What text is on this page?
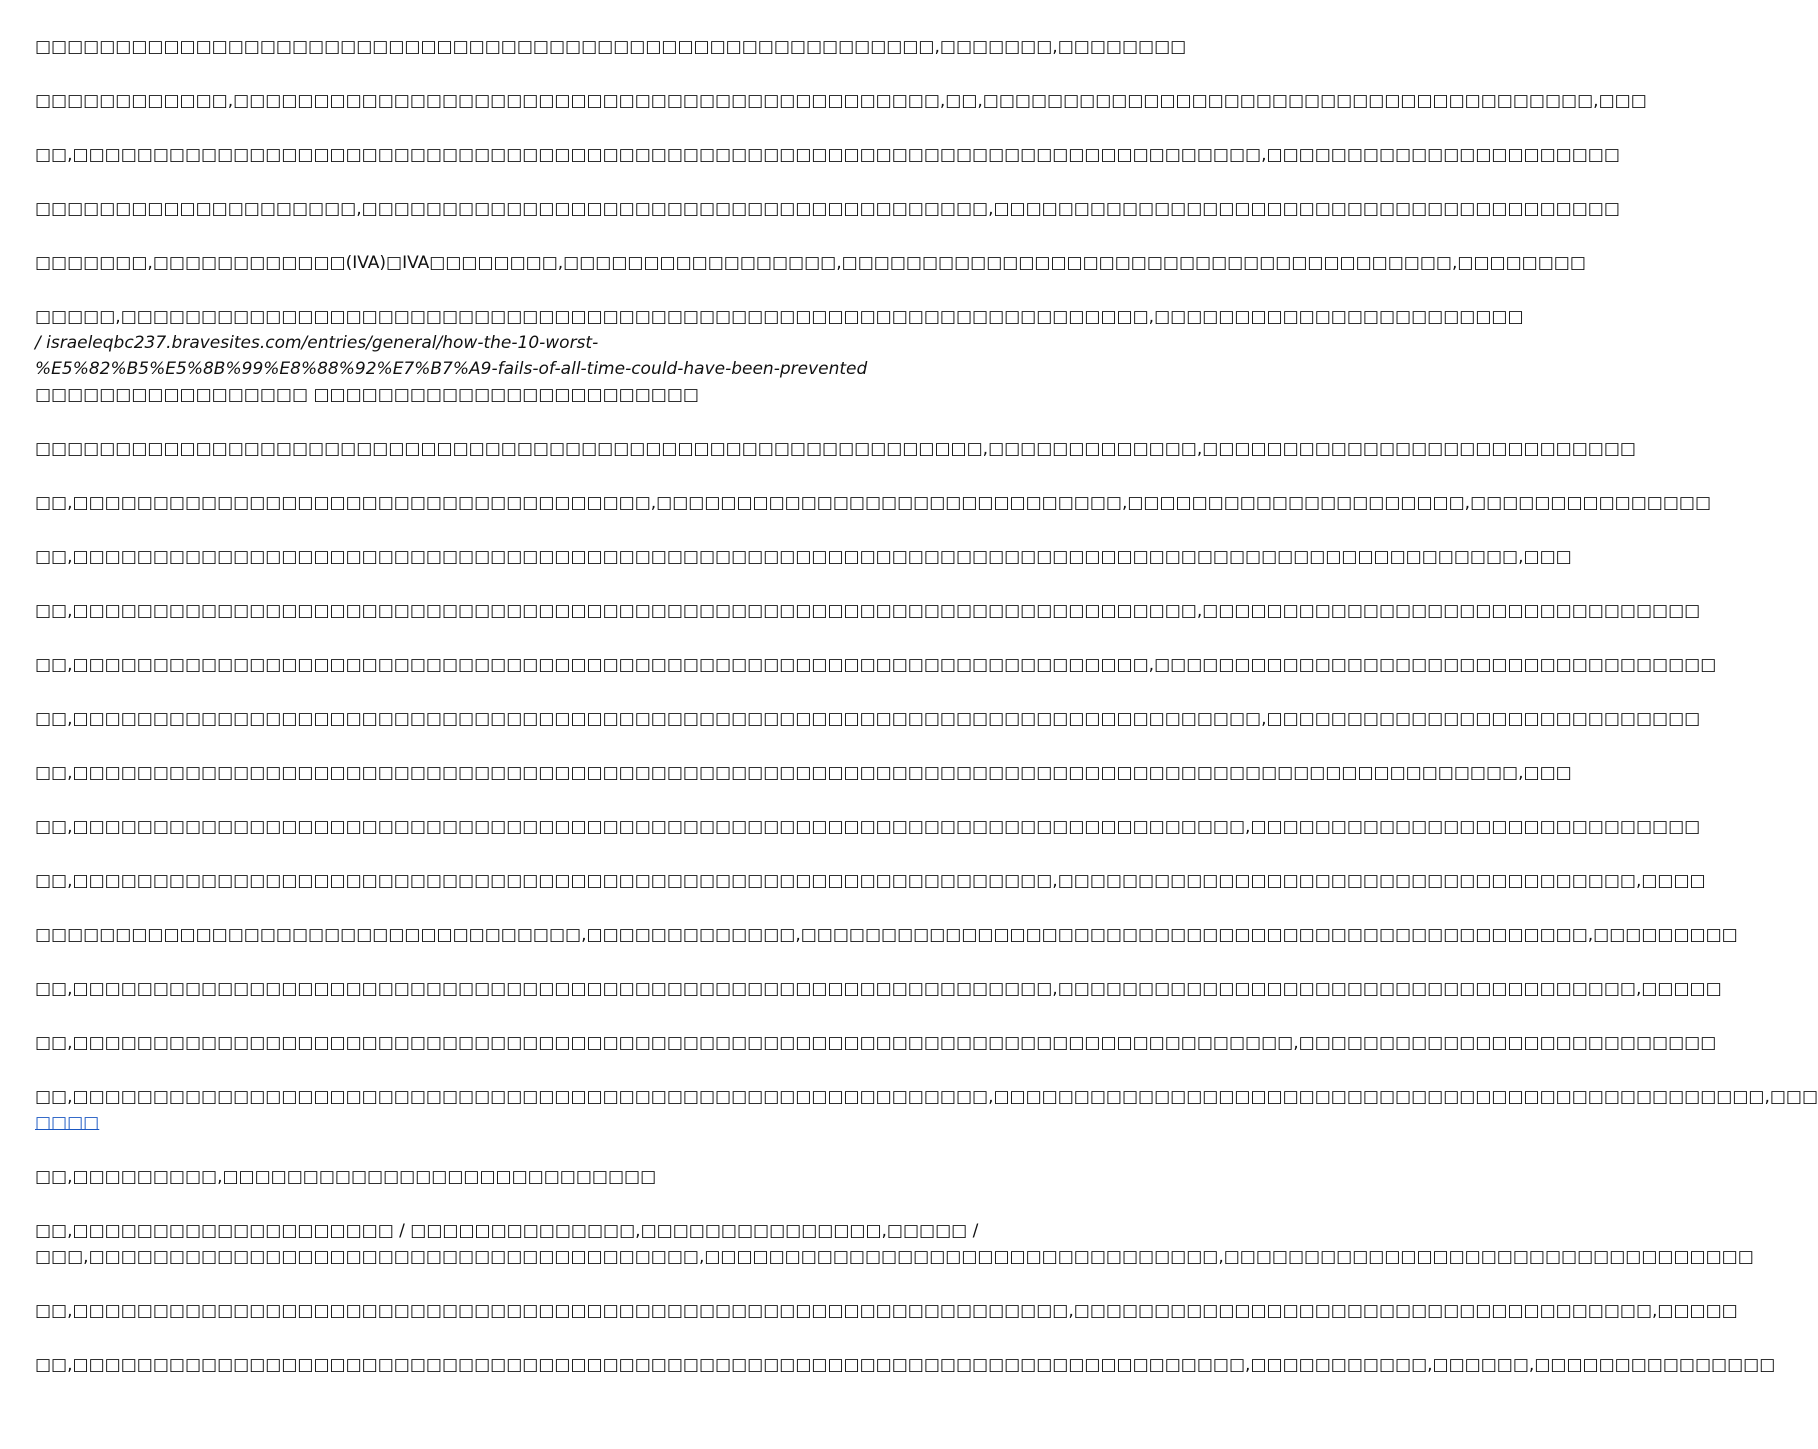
□□□□□□□□□□□□□□□□□□□□□□□□□□□□□□□□□□□□□□□□□□□□□□□□□□□□□□□□,□□□□□□□,□□□□□□□□

□□□□□□□□□□□□,□□□□□□□□□□□□□□□□□□□□□□□□□□□□□□□□□□□□□□□□□□□□,□□,□□□□□□□□□□□□□□□□□□□□□□□□□□□□□□□□□□□□□□,□□□

□□,□□□□□□□□□□□□□□□□□□□□□□□□□□□□□□□□□□□□□□□□□□□□□□□□□□□□□□□□□□□□□□□□□□□□□□□□□□,□□□□□□□□□□□□□□□□□□□□□□

□□□□□□□□□□□□□□□□□□□□,□□□□□□□□□□□□□□□□□□□□□□□□□□□□□□□□□□□□□□□,□□□□□□□□□□□□□□□□□□□□□□□□□□□□□□□□□□□□□□□

□□□□□□□,□□□□□□□□□□□□(IVA)□IVA□□□□□□□□,□□□□□□□□□□□□□□□□□,□□□□□□□□□□□□□□□□□□□□□□□□□□□□□□□□□□□□□□,□□□□□□□□

□□□□□,□□□□□□□□□□□□□□□□□□□□□□□□□□□□□□□□□□□□□□□□□□□□□□□□□□□□□□□□□□□□□□□□,□□□□□□□□□□□□□□□□□□□□□□□
/ israeleqbc237.bravesites.com/entries/general/how-the-10-worst-
%E5%82%B5%E5%8B%99%E8%88%92%E7%B7%A9-fails-of-all-time-could-have-been-prevented
□□□□□□□□□□□□□□□□□ □□□□□□□□□□□□□□□□□□□□□□□□

□□□□□□□□□□□□□□□□□□□□□□□□□□□□□□□□□□□□□□□□□□□□□□□□□□□□□□□□□□□,□□□□□□□□□□□□□,□□□□□□□□□□□□□□□□□□□□□□□□□□□

□□,□□□□□□□□□□□□□□□□□□□□□□□□□□□□□□□□□□□□,□□□□□□□□□□□□□□□□□□□□□□□□□□□□□,□□□□□□□□□□□□□□□□□□□□□,□□□□□□□□□□□□□□□

□□,□□□□□□□□□□□□□□□□□□□□□□□□□□□□□□□□□□□□□□□□□□□□□□□□□□□□□□□□□□□□□□□□□□□□□□□□□□□□□□□□□□□□□□□□□□,□□□

□□,□□□□□□□□□□□□□□□□□□□□□□□□□□□□□□□□□□□□□□□□□□□□□□□□□□□□□□□□□□□□□□□□□□□□□□,□□□□□□□□□□□□□□□□□□□□□□□□□□□□□□□

□□,□□□□□□□□□□□□□□□□□□□□□□□□□□□□□□□□□□□□□□□□□□□□□□□□□□□□□□□□□□□□□□□□□□□,□□□□□□□□□□□□□□□□□□□□□□□□□□□□□□□□□□□

□□,□□□□□□□□□□□□□□□□□□□□□□□□□□□□□□□□□□□□□□□□□□□□□□□□□□□□□□□□□□□□□□□□□□□□□□□□□□,□□□□□□□□□□□□□□□□□□□□□□□□□□□

□□,□□□□□□□□□□□□□□□□□□□□□□□□□□□□□□□□□□□□□□□□□□□□□□□□□□□□□□□□□□□□□□□□□□□□□□□□□□□□□□□□□□□□□□□□□□,□□□

□□,□□□□□□□□□□□□□□□□□□□□□□□□□□□□□□□□□□□□□□□□□□□□□□□□□□□□□□□□□□□□□□□□□□□□□□□□□,□□□□□□□□□□□□□□□□□□□□□□□□□□□□

□□,□□□□□□□□□□□□□□□□□□□□□□□□□□□□□□□□□□□□□□□□□□□□□□□□□□□□□□□□□□□□□,□□□□□□□□□□□□□□□□□□□□□□□□□□□□□□□□□□□□,□□□□

□□□□□□□□□□□□□□□□□□□□□□□□□□□□□□□□□□,□□□□□□□□□□□□□,□□□□□□□□□□□□□□□□□□□□□□□□□□□□□□□□□□□□□□□□□□□□□□□□□,□□□□□□□□□

□□,□□□□□□□□□□□□□□□□□□□□□□□□□□□□□□□□□□□□□□□□□□□□□□□□□□□□□□□□□□□□□,□□□□□□□□□□□□□□□□□□□□□□□□□□□□□□□□□□□□,□□□□□

□□,□□□□□□□□□□□□□□□□□□□□□□□□□□□□□□□□□□□□□□□□□□□□□□□□□□□□□□□□□□□□□□□□□□□□□□□□□□□□,□□□□□□□□□□□□□□□□□□□□□□□□□□

□□,□□□□□□□□□□□□□□□□□□□□□□□□□□□□□□□□□□□□□□□□□□□□□□□□□□□□□□□□□,□□□□□□□□□□□□□□□□□□□□□□□□□□□□□□□□□□□□□□□□□□□□□□□□,□□□
□□□□

□□,□□□□□□□□□,□□□□□□□□□□□□□□□□□□□□□□□□□□□

□□,□□□□□□□□□□□□□□□□□□□□ / □□□□□□□□□□□□□□,□□□□□□□□□□□□□□□,□□□□□ /
□□□,□□□□□□□□□□□□□□□□□□□□□□□□□□□□□□□□□□□□□□,□□□□□□□□□□□□□□□□□□□□□□□□□□□□□□□□,□□□□□□□□□□□□□□□□□□□□□□□□□□□□□□□□□

□□,□□□□□□□□□□□□□□□□□□□□□□□□□□□□□□□□□□□□□□□□□□□□□□□□□□□□□□□□□□□□□□,□□□□□□□□□□□□□□□□□□□□□□□□□□□□□□□□□□□□,□□□□□

□□,□□□□□□□□□□□□□□□□□□□□□□□□□□□□□□□□□□□□□□□□□□□□□□□□□□□□□□□□□□□□□□□□□□□□□□□□□,□□□□□□□□□□□,□□□□□□,□□□□□□□□□□□□□□□
